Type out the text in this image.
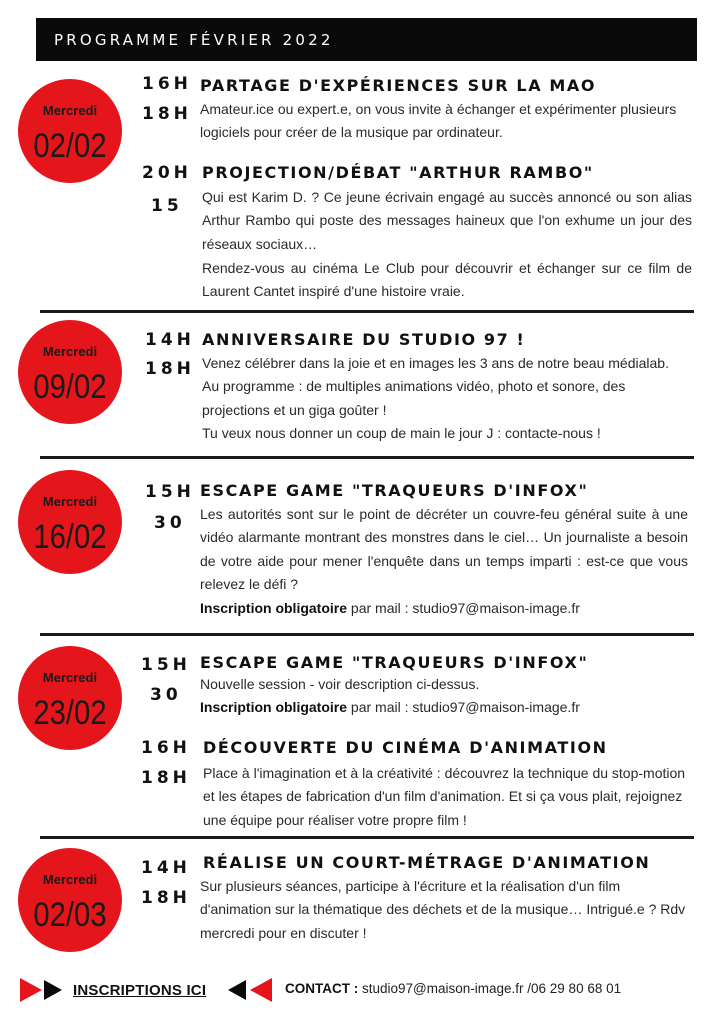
PROGRAMME FÉVRIER 2022
Mercredi
02/02
16H
18H
PARTAGE D'EXPÉRIENCES SUR LA MAO

Amateur.ice ou expert.e, on vous invite à échanger et expérimenter plusieurs logiciels pour créer de la musique par ordinateur.

20H
15
PROJECTION/DÉBAT "ARTHUR RAMBO"

Qui est Karim D. ? Ce jeune écrivain engagé au succès annoncé ou son alias Arthur Rambo qui poste des messages haineux que l'on exhume un jour des réseaux sociaux…

Rendez-vous au cinéma Le Club pour découvrir et échanger sur ce film de Laurent Cantet inspiré d'une histoire vraie.

Mercredi
09/02
14H
18H
ANNIVERSAIRE DU STUDIO 97 !

Venez célébrer dans la joie et en images les 3 ans de notre beau médialab. Au programme : de multiples animations vidéo, photo et sonore, des projections et un giga goûter !

Tu veux nous donner un coup de main le jour J : contacte-nous !

Mercredi
16/02
15H
30
ESCAPE GAME "TRAQUEURS D'INFOX"

Les autorités sont sur le point de décréter un couvre-feu général suite à une vidéo alarmante montrant des monstres dans le ciel… Un journaliste a besoin de votre aide pour mener l'enquête dans un temps imparti : est-ce que vous relevez le défi ?

Inscription obligatoire par mail : studio97@maison-image.fr

Mercredi
23/02
15H
30
ESCAPE GAME "TRAQUEURS D'INFOX"

Nouvelle session - voir description ci-dessus.

Inscription obligatoire par mail : studio97@maison-image.fr

16H
18H
DÉCOUVERTE DU CINÉMA D'ANIMATION

Place à l'imagination et à la créativité : découvrez la technique du stop-motion et les étapes de fabrication d'un film d'animation. Et si ça vous plait, rejoignez une équipe pour réaliser votre propre film !

Mercredi
02/03
14H
18H
RÉALISE UN COURT-MÉTRAGE D'ANIMATION

Sur plusieurs séances, participe à l'écriture et la réalisation d'un film d'animation sur la thématique des déchets et de la musique… Intrigué.e ? Rdv mercredi pour en discuter !

INSCRIPTIONS ICI	CONTACT : studio97@maison-image.fr /06 29 80 68 01
